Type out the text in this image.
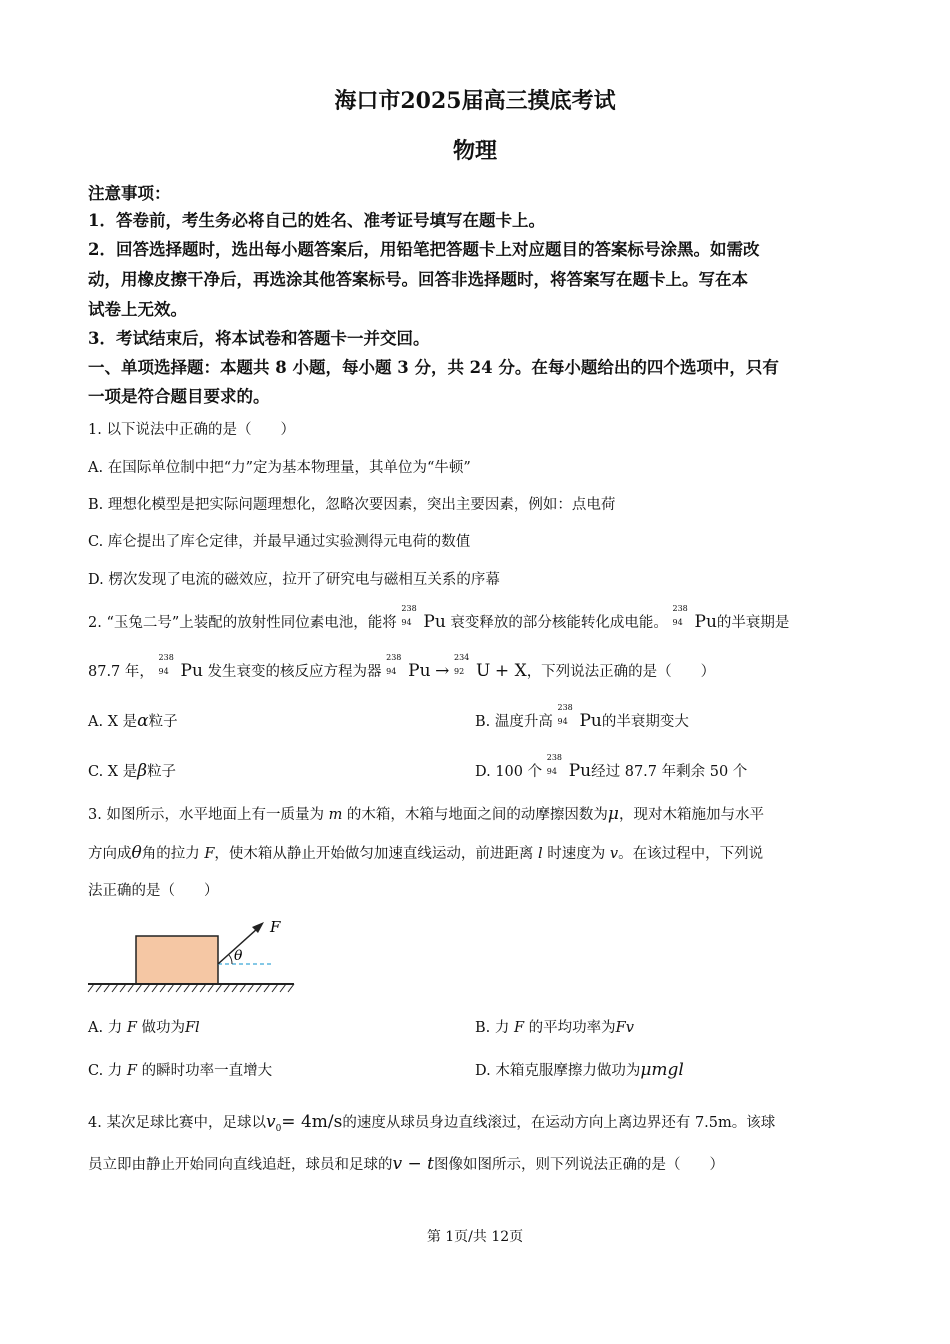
海口市2025届高三摸底考试
物理
注意事项：
1．答卷前，考生务必将自己的姓名、准考证号填写在题卡上。
2．回答选择题时，选出每小题答案后，用铅笔把答题卡上对应题目的答案标号涂黑。如需改
动，用橡皮擦干净后，再选涂其他答案标号。回答非选择题时，将答案写在题卡上。写在本
试卷上无效。
3．考试结束后，将本试卷和答题卡一并交回。
一、单项选择题：本题共 8 小题，每小题 3 分，共 24 分。在每小题给出的四个选项中，只有
一项是符合题目要求的。
1. 以下说法中正确的是（　　）
A. 在国际单位制中把“力”定为基本物理量，其单位为“牛顿”
B. 理想化模型是把实际问题理想化，忽略次要因素，突出主要因素，例如：点电荷
C. 库仑提出了库仑定律，并最早通过实验测得元电荷的数值
D. 楞次发现了电流的磁效应，拉开了研究电与磁相互关系的序幕
2. “玉兔二号”上装配的放射性同位素电池，能将
238
94 Pu 衰变释放的部分核能转化成电能。
238
94 Pu的半衰期是
87.7 年，
238
94 Pu 发生衰变的核反应方程为器
238
94 Pu →
234
92 U + X，下列说法正确的是（　　）
A. X 是α粒子	B. 温度升高
238
94 Pu的半衰期变大
C. X 是β粒子	D. 100 个
238
94 Pu经过 87.7 年剩余 50 个
3. 如图所示，水平地面上有一质量为 m 的木箱，木箱与地面之间的动摩擦因数为μ，现对木箱施加与水平
方向成θ角的拉力 F，使木箱从静止开始做匀加速直线运动，前进距离 l 时速度为 v。在该过程中，下列说
法正确的是（　　）
F
θ
A. 力 F 做功为Fl	B. 力 F 的平均功率为Fv
C. 力 F 的瞬时功率一直增大	D. 木箱克服摩擦力做功为μmgl
4. 某次足球比赛中，足球以$v_0= 4m/s$的速度从球员身边直线滚过，在运动方向上离边界还有 7.5m。该球
员立即由静止开始同向直线追赶，球员和足球的v − t图像如图所示，则下列说法正确的是（　　）
第 1页/共 12页
